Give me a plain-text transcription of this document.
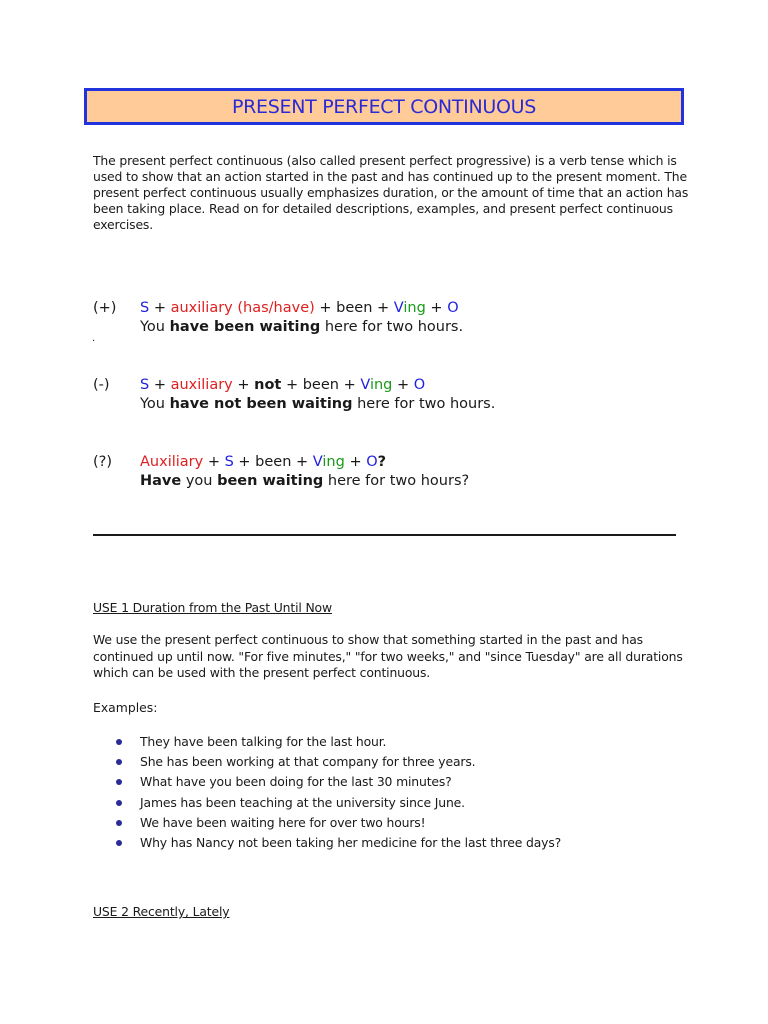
PRESENT PERFECT CONTINUOUS
The present perfect continuous (also called present perfect progressive) is a verb tense which is used to show that an action started in the past and has continued up to the present moment. The present perfect continuous usually emphasizes duration, or the amount of time that an action has been taking place. Read on for detailed descriptions, examples, and present perfect continuous exercises.
(+) S + auxiliary (has/have) + been + Ving + O
You have been waiting here for two hours.
.
(-) S + auxiliary + not + been + Ving + O
You have not been waiting here for two hours.
(?) Auxiliary + S + been + Ving + O?
Have you been waiting here for two hours?
USE 1 Duration from the Past Until Now
We use the present perfect continuous to show that something started in the past and has continued up until now. "For five minutes," "for two weeks," and "since Tuesday" are all durations which can be used with the present perfect continuous.
Examples:
They have been talking for the last hour.
She has been working at that company for three years.
What have you been doing for the last 30 minutes?
James has been teaching at the university since June.
We have been waiting here for over two hours!
Why has Nancy not been taking her medicine for the last three days?
USE 2 Recently, Lately
